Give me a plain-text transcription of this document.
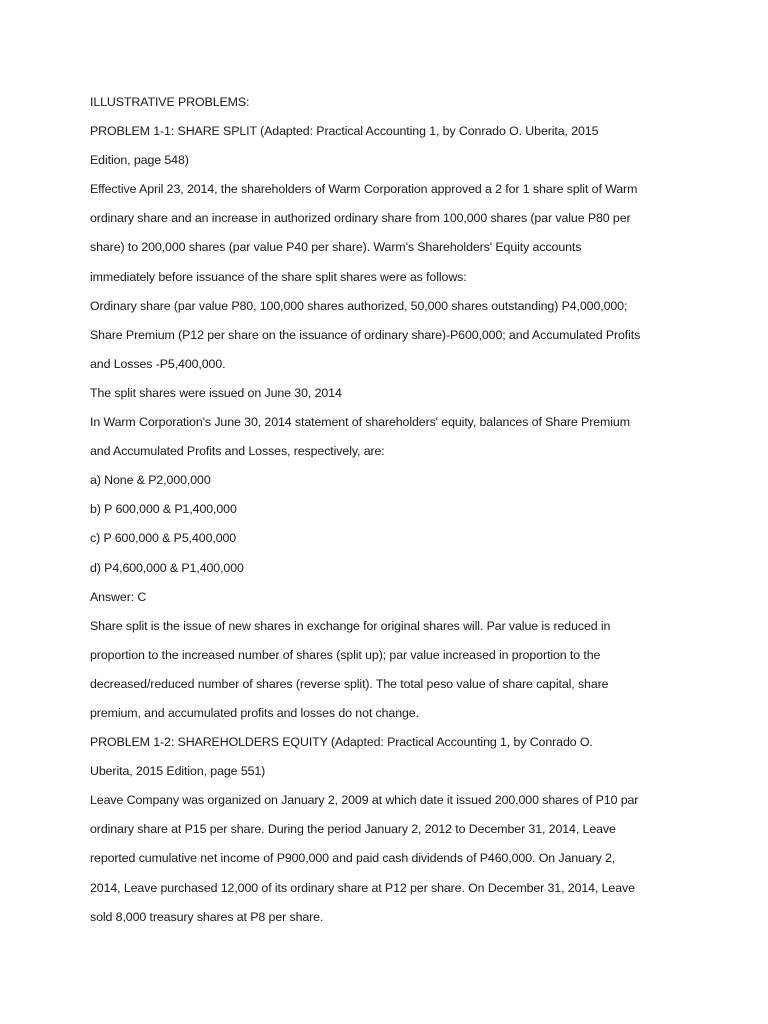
ILLUSTRATIVE PROBLEMS:
PROBLEM 1-1: SHARE SPLIT (Adapted: Practical Accounting 1, by Conrado O. Uberita, 2015
Edition, page 548)
Effective April 23, 2014, the shareholders of Warm Corporation approved a 2 for 1 share split of Warm
ordinary share and an increase in authorized ordinary share from 100,000 shares (par value P80 per
share) to 200,000 shares (par value P40 per share). Warm's Shareholders' Equity accounts
immediately before issuance of the share split shares were as follows:
Ordinary share (par value P80, 100,000 shares authorized, 50,000 shares outstanding) P4,000,000;
Share Premium (P12 per share on the issuance of ordinary share)-P600,000; and Accumulated Profits
and Losses -P5,400,000.
The split shares were issued on June 30, 2014
In Warm Corporation's June 30, 2014 statement of shareholders' equity, balances of Share Premium
and Accumulated Profits and Losses, respectively, are:
a) None & P2,000,000
b) P 600,000 & P1,400,000
c) P 600,000 & P5,400,000
d) P4,600,000 & P1,400,000
Answer: C
Share split is the issue of new shares in exchange for original shares will. Par value is reduced in
proportion to the increased number of shares (split up); par value increased in proportion to the
decreased/reduced number of shares (reverse split). The total peso value of share capital, share
premium, and accumulated profits and losses do not change.
PROBLEM 1-2: SHAREHOLDERS EQUITY (Adapted: Practical Accounting 1, by Conrado O.
Uberita, 2015 Edition, page 551)
Leave Company was organized on January 2, 2009 at which date it issued 200,000 shares of P10 par
ordinary share at P15 per share. During the period January 2, 2012 to December 31, 2014, Leave
reported cumulative net income of P900,000 and paid cash dividends of P460,000. On January 2,
2014, Leave purchased 12,000 of its ordinary share at P12 per share. On December 31, 2014, Leave
sold 8,000 treasury shares at P8 per share.
